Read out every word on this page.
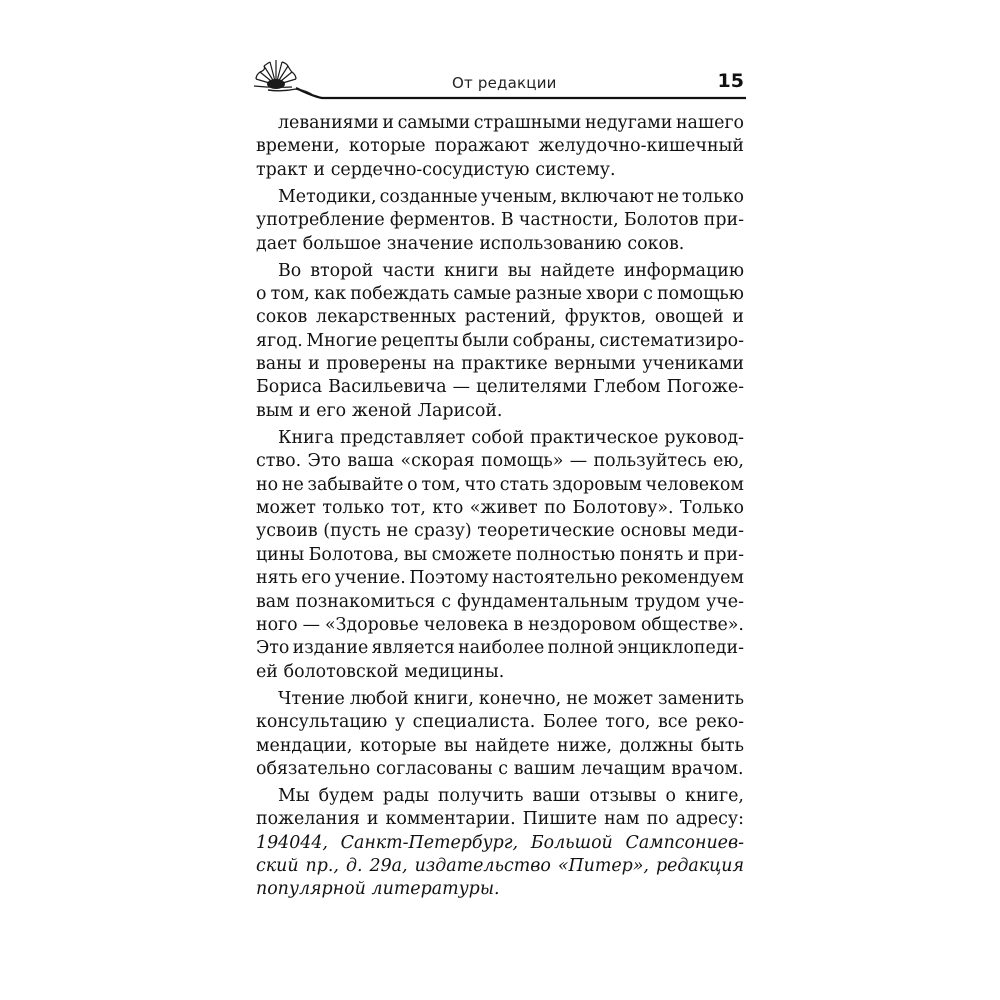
От редакции	15
леваниями и самыми страшными недугами нашего
времени, которые поражают желудочно-кишечный
тракт и сердечно-сосудистую систему.
Методики, созданные ученым, включают не только
употребление ферментов. В частности, Болотов при-
дает большое значение использованию соков.
Во второй части книги вы найдете информацию
о том, как побеждать самые разные хвори с помощью
соков лекарственных растений, фруктов, овощей и
ягод. Многие рецепты были собраны, систематизиро-
ваны и проверены на практике верными учениками
Бориса Васильевича — целителями Глебом Погоже-
вым и его женой Ларисой.
Книга представляет собой практическое руковод-
ство. Это ваша «скорая помощь» — пользуйтесь ею,
но не забывайте о том, что стать здоровым человеком
может только тот, кто «живет по Болотову». Только
усвоив (пусть не сразу) теоретические основы меди-
цины Болотова, вы сможете полностью понять и при-
нять его учение. Поэтому настоятельно рекомендуем
вам познакомиться с фундаментальным трудом уче-
ного — «Здоровье человека в нездоровом обществе».
Это издание является наиболее полной энциклопеди-
ей болотовской медицины.
Чтение любой книги, конечно, не может заменить
консультацию у специалиста. Более того, все реко-
мендации, которые вы найдете ниже, должны быть
обязательно согласованы с вашим лечащим врачом.
Мы будем рады получить ваши отзывы о книге,
пожелания и комментарии. Пишите нам по адресу:
194044, Санкт-Петербург, Большой Сампсониев-
ский пр., д. 29а, издательство «Питер», редакция
популярной литературы.
